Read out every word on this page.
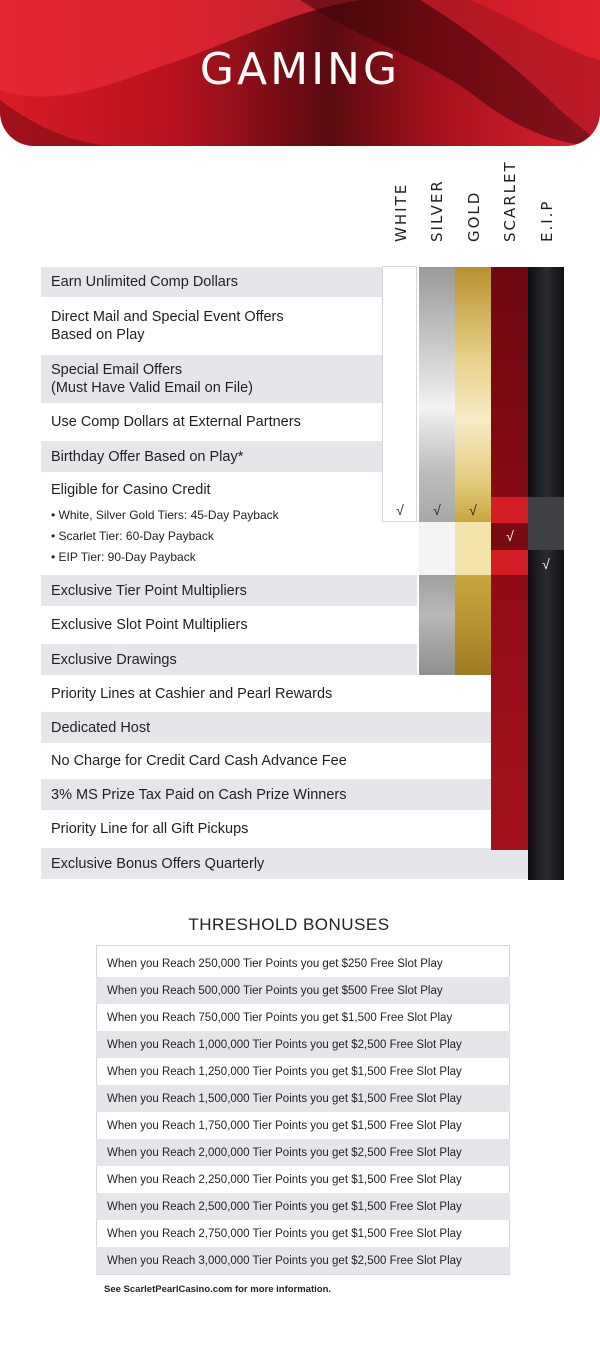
GAMING
WHITE SILVER GOLD SCARLET E.I.P
Earn Unlimited Comp Dollars
Direct Mail and Special Event Offers
Based on Play
Special Email Offers
(Must Have Valid Email on File)
Use Comp Dollars at External Partners
Birthday Offer Based on Play*
Eligible for Casino Credit
• White, Silver Gold Tiers: 45-Day Payback
• Scarlet Tier: 60-Day Payback
• EIP Tier: 90-Day Payback
Exclusive Tier Point Multipliers
Exclusive Slot Point Multipliers
Exclusive Drawings
Priority Lines at Cashier and Pearl Rewards
Dedicated Host
No Charge for Credit Card Cash Advance Fee
3% MS Prize Tax Paid on Cash Prize Winners
Priority Line for all Gift Pickups
Exclusive Bonus Offers Quarterly
√	√	√
√
√
THRESHOLD BONUSES
When you Reach 250,000 Tier Points you get $250 Free Slot Play
When you Reach 500,000 Tier Points you get $500 Free Slot Play
When you Reach 750,000 Tier Points you get $1,500 Free Slot Play
When you Reach 1,000,000 Tier Points you get $2,500 Free Slot Play
When you Reach 1,250,000 Tier Points you get $1,500 Free Slot Play
When you Reach 1,500,000 Tier Points you get $1,500 Free Slot Play
When you Reach 1,750,000 Tier Points you get $1,500 Free Slot Play
When you Reach 2,000,000 Tier Points you get $2,500 Free Slot Play
When you Reach 2,250,000 Tier Points you get $1,500 Free Slot Play
When you Reach 2,500,000 Tier Points you get $1,500 Free Slot Play
When you Reach 2,750,000 Tier Points you get $1,500 Free Slot Play
When you Reach 3,000,000 Tier Points you get $2,500 Free Slot Play
See ScarletPearlCasino.com for more information.
